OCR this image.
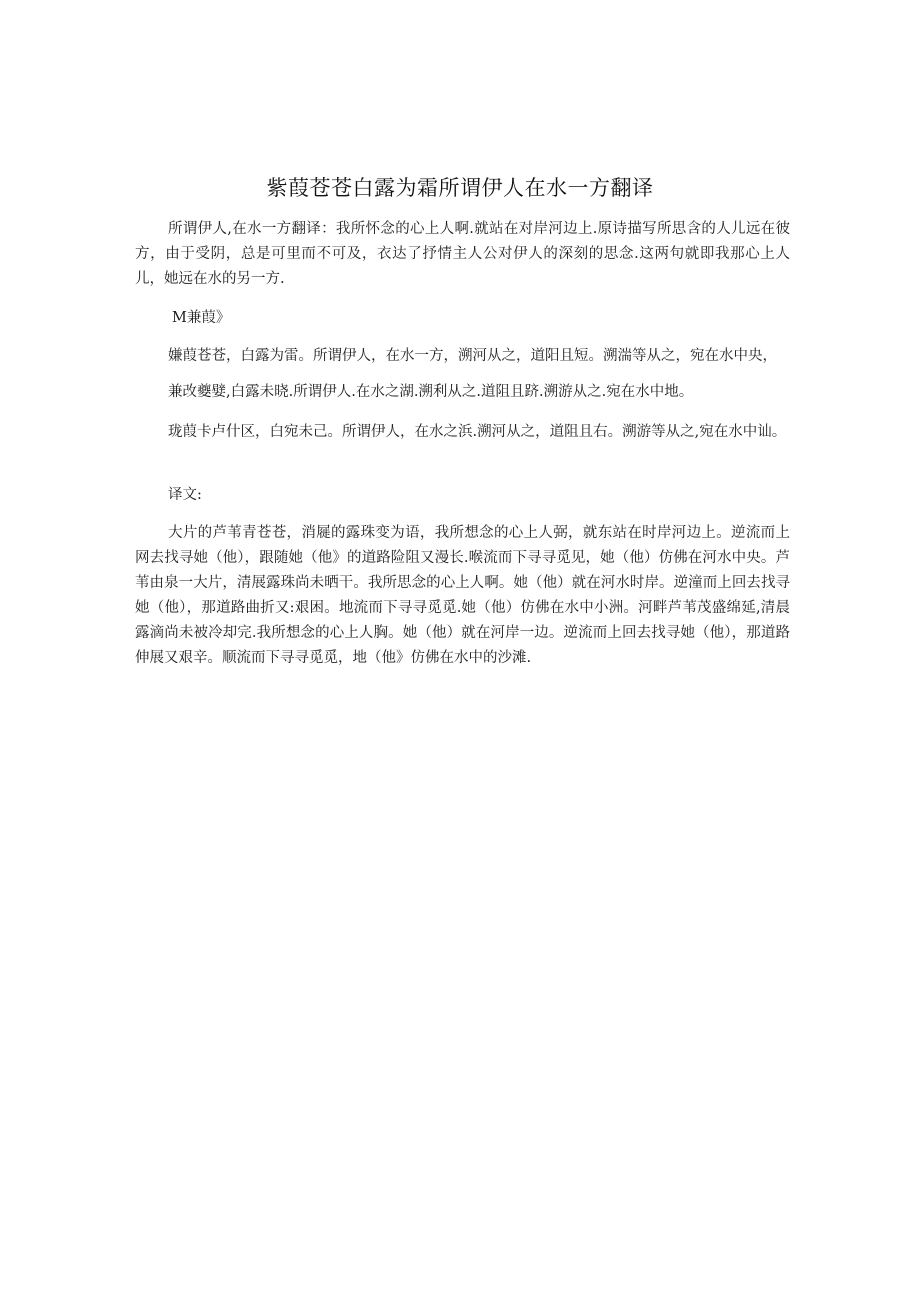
紫葭苍苍白露为霜所谓伊人在水一方翻译

所谓伊人,在水一方翻译：我所怀念的心上人啊.就站在对岸河边上.原诗描写所思含的人儿远在彼方，由于受阴，总是可里而不可及，衣达了抒情主人公对伊人的深刻的思念.这两句就即我那心上人儿，她远在水的另一方.

M兼葭》

嫌葭苍苍，白露为雷。所谓伊人，在水一方，溯河从之，道阳且短。溯湍等从之，宛在水中央，

兼改夔嬖,白露未晓.所谓伊人.在水之湖.溯利从之.道阻且跻.溯游从之.宛在水中地。

珑葭卡卢什区，白宛未己。所谓伊人，在水之浜.溯河从之，道阻且右。溯游等从之,宛在水中讪。

译文:

大片的芦苇青苍苍，消屣的露珠变为语，我所想念的心上人弼，就东站在时岸河边上。逆流而上网去找寻她（他），跟随她（他》的道路险阻又漫长.喉流而下寻寻觅见，她（他）仿佛在河水中央。芦苇由泉一大片，清展露珠尚未晒干。我所思念的心上人啊。她（他）就在河水时岸。逆潼而上回去找寻她（他），那道路曲折又:艰困。地流而下寻寻觅觅.她（他）仿佛在水中小洲。河畔芦苇茂盛绵延,清晨露滴尚未被冷却完.我所想念的心上人胸。她（他）就在河岸一边。逆流而上回去找寻她（他），那道路伸展又艰辛。顺流而下寻寻觅觅，地（他》仿佛在水中的沙滩.
